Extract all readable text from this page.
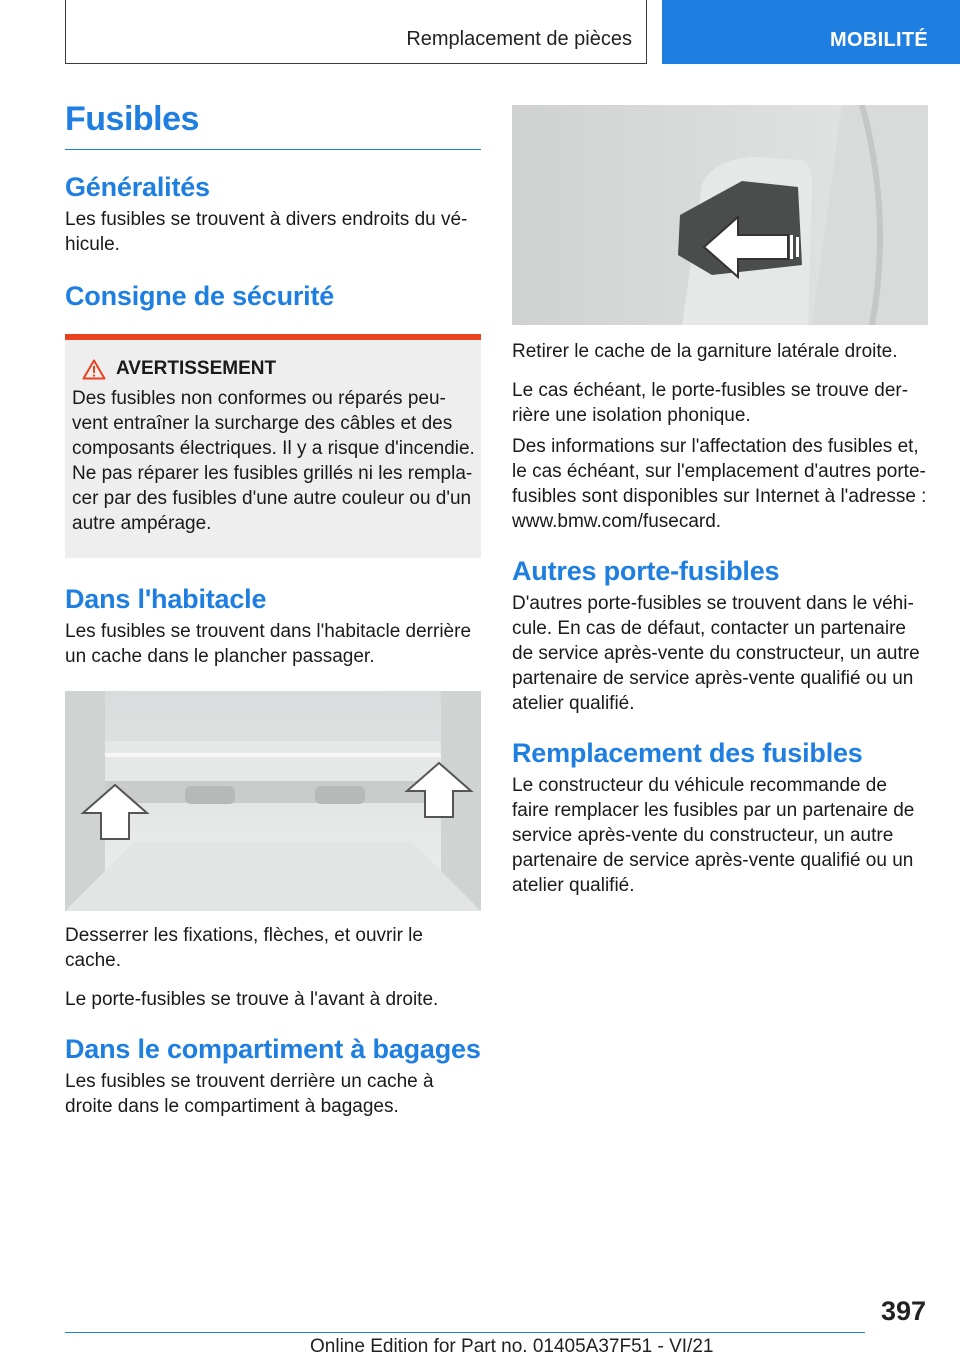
Remplacement de pièces	MOBILITÉ
Fusibles
Généralités

Les fusibles se trouvent à divers endroits du vé-hicule.

Consigne de sécurité
AVERTISSEMENT

Des fusibles non conformes ou réparés peu-vent entraîner la surcharge des câbles et des composants électriques. Il y a risque d'incendie. Ne pas réparer les fusibles grillés ni les rempla-cer par des fusibles d'une autre couleur ou d'un autre ampérage.

Dans l'habitacle

Les fusibles se trouvent dans l'habitacle derrière un cache dans le plancher passager.

Desserrer les fixations, flèches, et ouvrir le cache.

Le porte-fusibles se trouve à l'avant à droite.

Dans le compartiment à bagages

Les fusibles se trouvent derrière un cache à droite dans le compartiment à bagages.

Retirer le cache de la garniture latérale droite.

Le cas échéant, le porte-fusibles se trouve der-rière une isolation phonique.

Des informations sur l'affectation des fusibles et, le cas échéant, sur l'emplacement d'autres porte-fusibles sont disponibles sur Internet à l'adresse : www.bmw.com/fusecard.

Autres porte-fusibles

D'autres porte-fusibles se trouvent dans le véhi-cule. En cas de défaut, contacter un partenaire de service après-vente du constructeur, un autre partenaire de service après-vente qualifié ou un atelier qualifié.

Remplacement des fusibles

Le constructeur du véhicule recommande de faire remplacer les fusibles par un partenaire de service après-vente du constructeur, un autre partenaire de service après-vente qualifié ou un atelier qualifié.

397
Online Edition for Part no. 01405A37F51 - VI/21
